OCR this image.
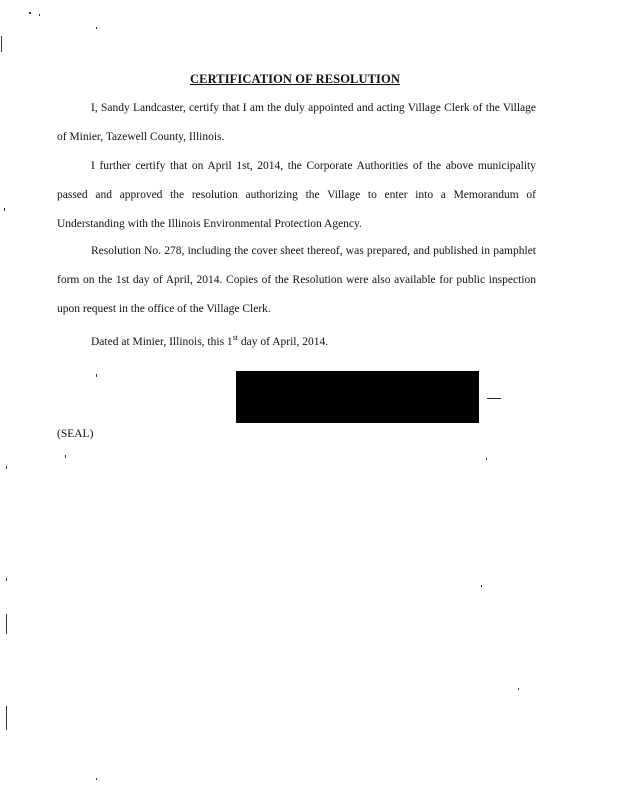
CERTIFICATION OF RESOLUTION

I, Sandy Landcaster, certify that I am the duly appointed and acting Village Clerk of the Village of Minier, Tazewell County, Illinois.

I further certify that on April 1st, 2014, the Corporate Authorities of the above municipality passed and approved the resolution authorizing the Village to enter into a Memorandum of Understanding with the Illinois Environmental Protection Agency.

Resolution No. 278, including the cover sheet thereof, was prepared, and published in pamphlet form on the 1st day of April, 2014. Copies of the Resolution were also available for public inspection upon request in the office of the Village Clerk.

Dated at Minier, Illinois, this 1st day of April, 2014.

(SEAL)
